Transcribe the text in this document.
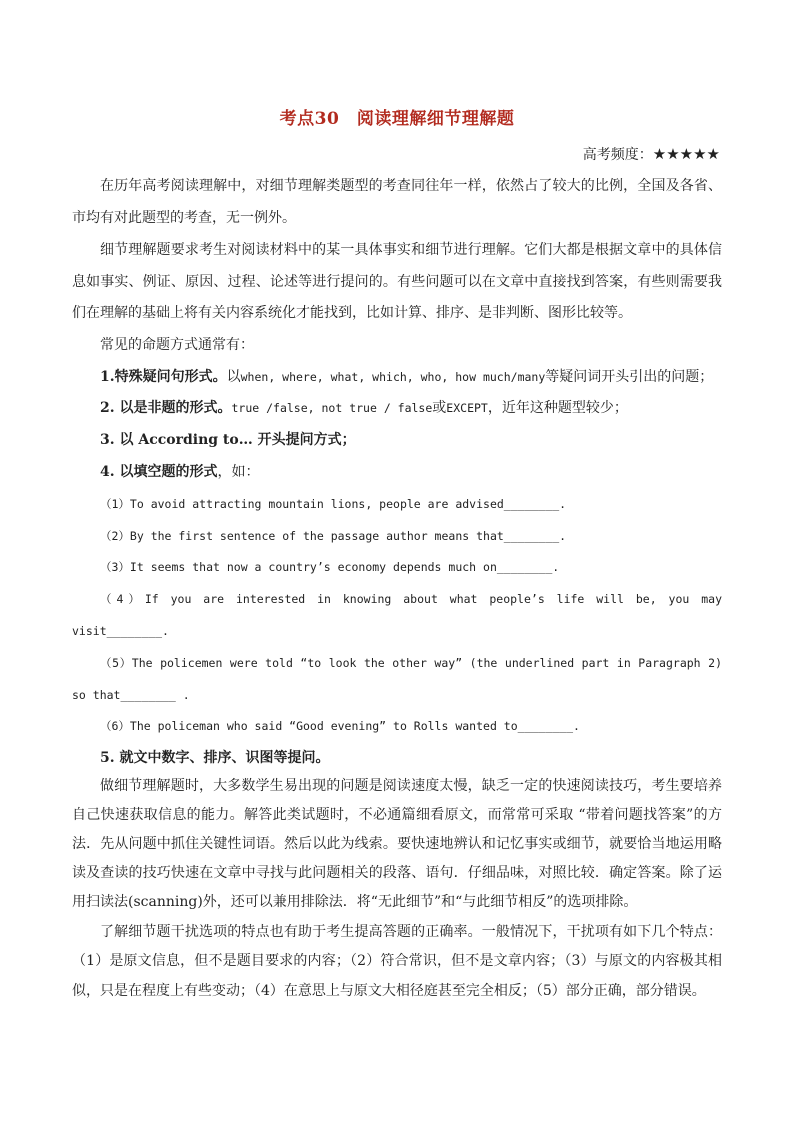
考点30　阅读理解细节理解题
高考频度：★★★★★
在历年高考阅读理解中，对细节理解类题型的考查同往年一样，依然占了较大的比例，全国及各省、
市均有对此题型的考查，无一例外。
细节理解题要求考生对阅读材料中的某一具体事实和细节进行理解。它们大都是根据文章中的具体信
息如事实、例证、原因、过程、论述等进行提问的。有些问题可以在文章中直接找到答案，有些则需要我
们在理解的基础上将有关内容系统化才能找到，比如计算、排序、是非判断、图形比较等。
常见的命题方式通常有：
1.特殊疑问句形式。以when, where, what, which, who, how much/many等疑问词开头引出的问题；
2. 以是非题的形式。true /false, not true / false或EXCEPT，近年这种题型较少；
3. 以 According to… 开头提问方式；
4. 以填空题的形式，如：
（1）To avoid attracting mountain lions, people are advised________.
（2）By the first sentence of the passage author means that________.
（3）It seems that now a country’s economy depends much on________.
（4）If you are interested in knowing about what people’s life will be, you may
visit________.
（5）The policemen were told “to look the other way” (the underlined part in Paragraph 2)
so that________ .
（6）The policeman who said “Good evening” to Rolls wanted to________.
5. 就文中数字、排序、识图等提问。
做细节理解题时，大多数学生易出现的问题是阅读速度太慢，缺乏一定的快速阅读技巧，考生要培养
自己快速获取信息的能力。解答此类试题时，不必通篇细看原文，而常常可采取 “带着问题找答案”的方
法．先从问题中抓住关键性词语。然后以此为线索。要快速地辨认和记忆事实或细节，就要恰当地运用略
读及查读的技巧快速在文章中寻找与此问题相关的段落、语句．仔细品味，对照比较．确定答案。除了运
用扫读法(scanning)外，还可以兼用排除法．将“无此细节”和“与此细节相反”的选项排除。
了解细节题干扰选项的特点也有助于考生提高答题的正确率。一般情况下，干扰项有如下几个特点：
（1）是原文信息，但不是题目要求的内容；（2）符合常识，但不是文章内容；（3）与原文的内容极其相
似，只是在程度上有些变动；（4）在意思上与原文大相径庭甚至完全相反；（5）部分正确，部分错误。
